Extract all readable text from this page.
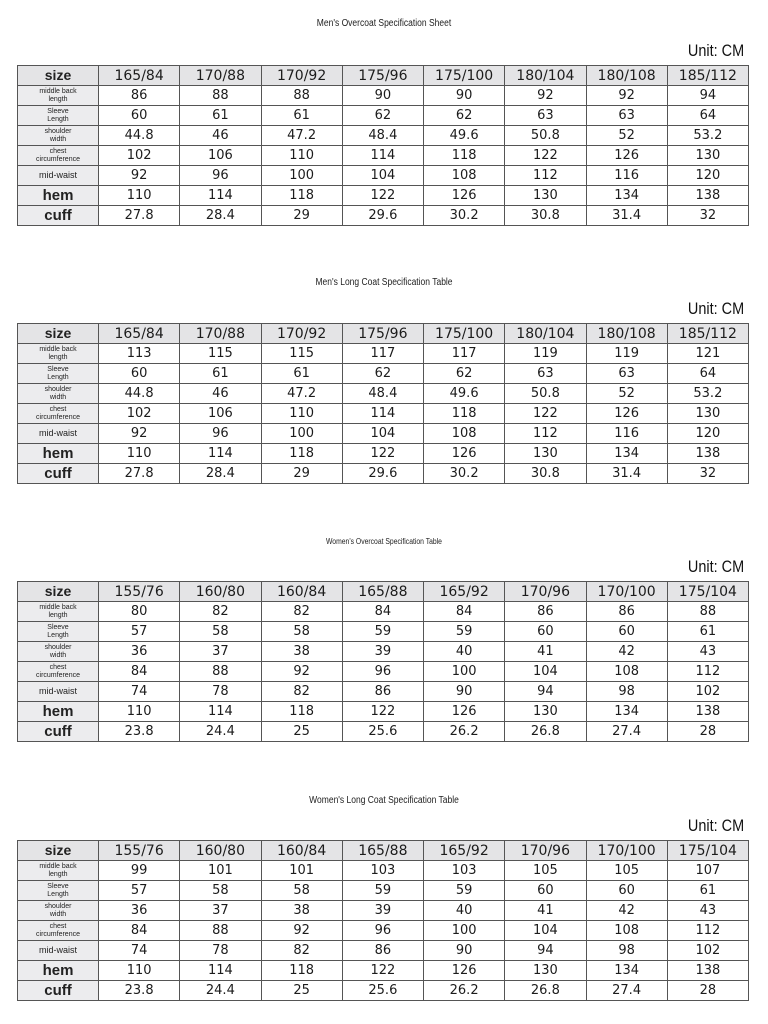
Men's Overcoat Specification Sheet
Unit: CM
size	165/84	170/88	170/92	175/96	175/100	180/104	180/108	185/112

middle back
length	86	88	88	90	90	92	92	94

Sleeve
Length	60	61	61	62	62	63	63	64

shoulder
width	44.8	46	47.2	48.4	49.6	50.8	52	53.2

chest
circumference	102	106	110	114	118	122	126	130

mid-waist	92	96	100	104	108	112	116	120

hem	110	114	118	122	126	130	134	138

cuff	27.8	28.4	29	29.6	30.2	30.8	31.4	32
Men's Long Coat Specification Table
Unit: CM
size	165/84	170/88	170/92	175/96	175/100	180/104	180/108	185/112

middle back
length	113	115	115	117	117	119	119	121

Sleeve
Length	60	61	61	62	62	63	63	64

shoulder
width	44.8	46	47.2	48.4	49.6	50.8	52	53.2

chest
circumference	102	106	110	114	118	122	126	130

mid-waist	92	96	100	104	108	112	116	120

hem	110	114	118	122	126	130	134	138

cuff	27.8	28.4	29	29.6	30.2	30.8	31.4	32
Women's Overcoat Specification Table
Unit: CM
size	155/76	160/80	160/84	165/88	165/92	170/96	170/100	175/104

middle back
length	80	82	82	84	84	86	86	88

Sleeve
Length	57	58	58	59	59	60	60	61

shoulder
width	36	37	38	39	40	41	42	43

chest
circumference	84	88	92	96	100	104	108	112

mid-waist	74	78	82	86	90	94	98	102

hem	110	114	118	122	126	130	134	138

cuff	23.8	24.4	25	25.6	26.2	26.8	27.4	28
Women's Long Coat Specification Table
Unit: CM
size	155/76	160/80	160/84	165/88	165/92	170/96	170/100	175/104

middle back
length	99	101	101	103	103	105	105	107

Sleeve
Length	57	58	58	59	59	60	60	61

shoulder
width	36	37	38	39	40	41	42	43

chest
circumference	84	88	92	96	100	104	108	112

mid-waist	74	78	82	86	90	94	98	102

hem	110	114	118	122	126	130	134	138

cuff	23.8	24.4	25	25.6	26.2	26.8	27.4	28
